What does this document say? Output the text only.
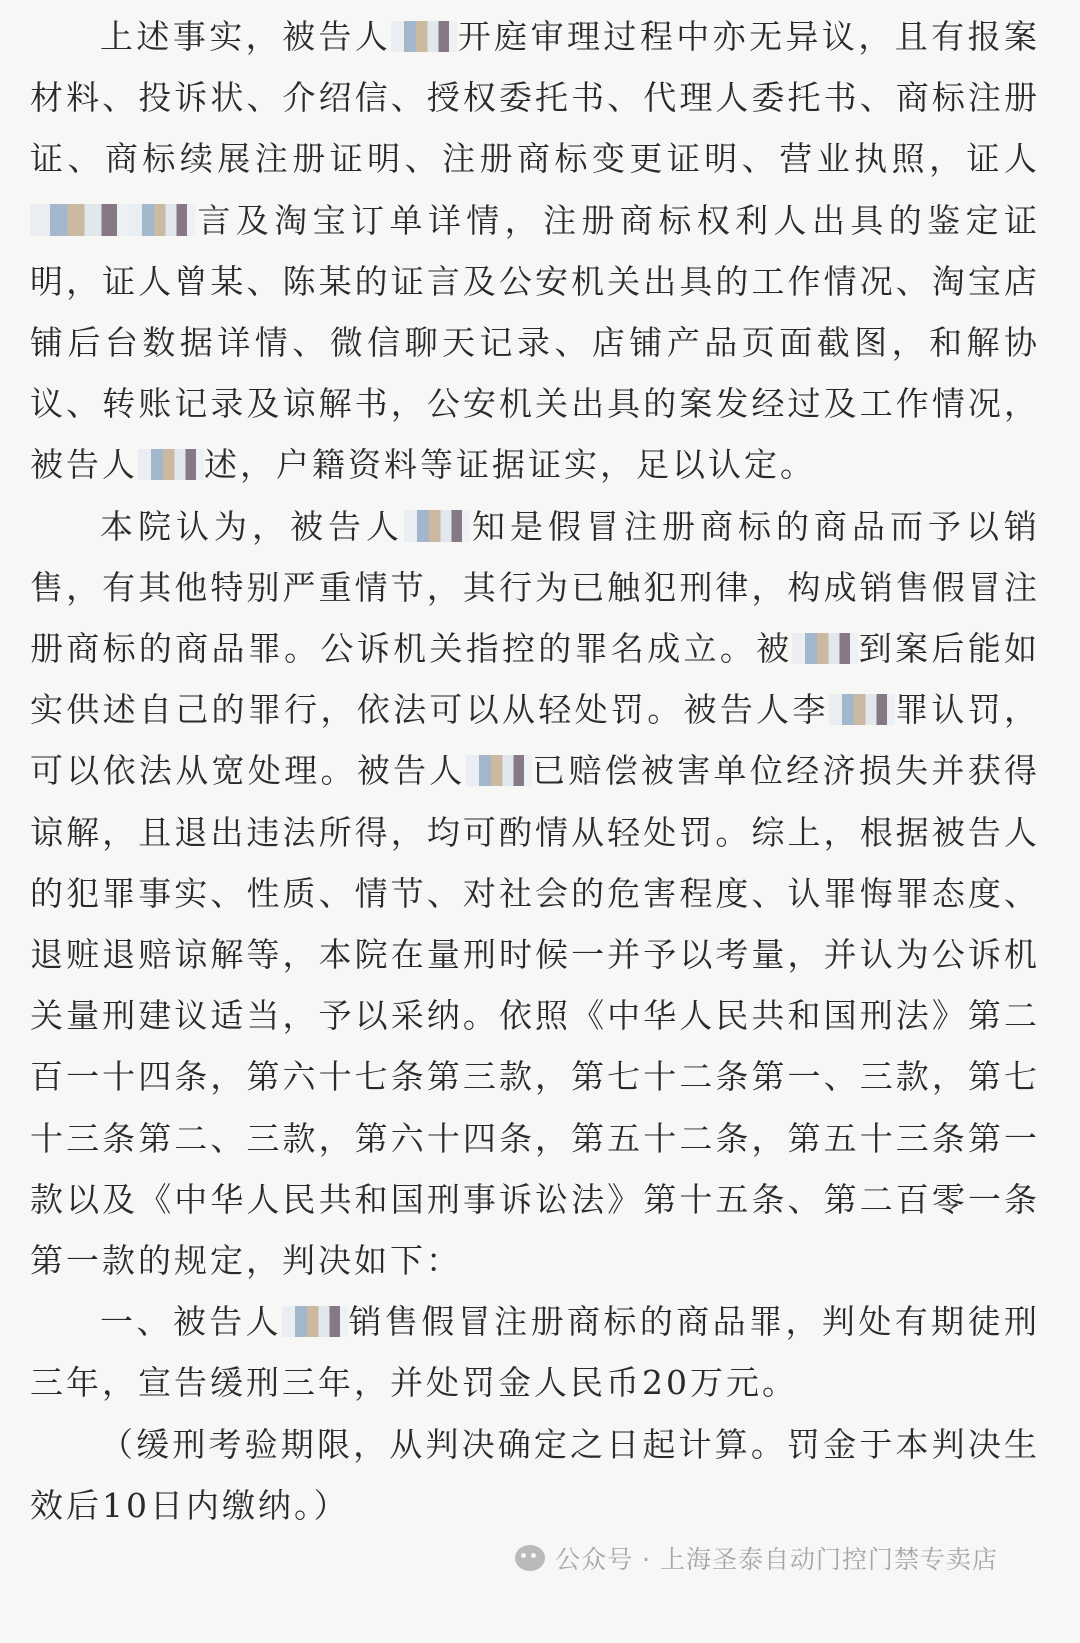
上述事实，被告人 开庭审理过程中亦无异议，且有报案材料、投诉状、介绍信、授权委托书、代理人委托书、商标注册证、商标续展注册证明、注册商标变更证明、营业执照，证人言及淘宝订单详情，注册商标权利人出具的鉴定证明，证人曾某、陈某的证言及公安机关出具的工作情况、淘宝店铺后台数据详情、微信聊天记录、店铺产品页面截图，和解协议、转账记录及谅解书，公安机关出具的案发经过及工作情况，被告人 述，户籍资料等证据证实，足以认定。

本院认为，被告人 知是假冒注册商标的商品而予以销售，有其他特别严重情节，其行为已触犯刑律，构成销售假冒注册商标的商品罪。公诉机关指控的罪名成立。被 到案后能如实供述自己的罪行，依法可以从轻处罚。被告人李 罪认罚，可以依法从宽处理。被告人 已赔偿被害单位经济损失并获得谅解，且退出违法所得，均可酌情从轻处罚。综上，根据被告人的犯罪事实、性质、情节、对社会的危害程度、认罪悔罪态度、退赃退赔谅解等，本院在量刑时候一并予以考量，并认为公诉机关量刑建议适当，予以采纳。依照《中华人民共和国刑法》第二百一十四条，第六十七条第三款，第七十二条第一、三款，第七十三条第二、三款，第六十四条，第五十二条，第五十三条第一款以及《中华人民共和国刑事诉讼法》第十五条、第二百零一条第一款的规定，判决如下：

一、被告人 销售假冒注册商标的商品罪，判处有期徒刑三年，宣告缓刑三年，并处罚金人民币20万元。

（缓刑考验期限，从判决确定之日起计算。罚金于本判决生效后10日内缴纳。）

公众号 · 上海圣泰自动门控门禁专卖店
